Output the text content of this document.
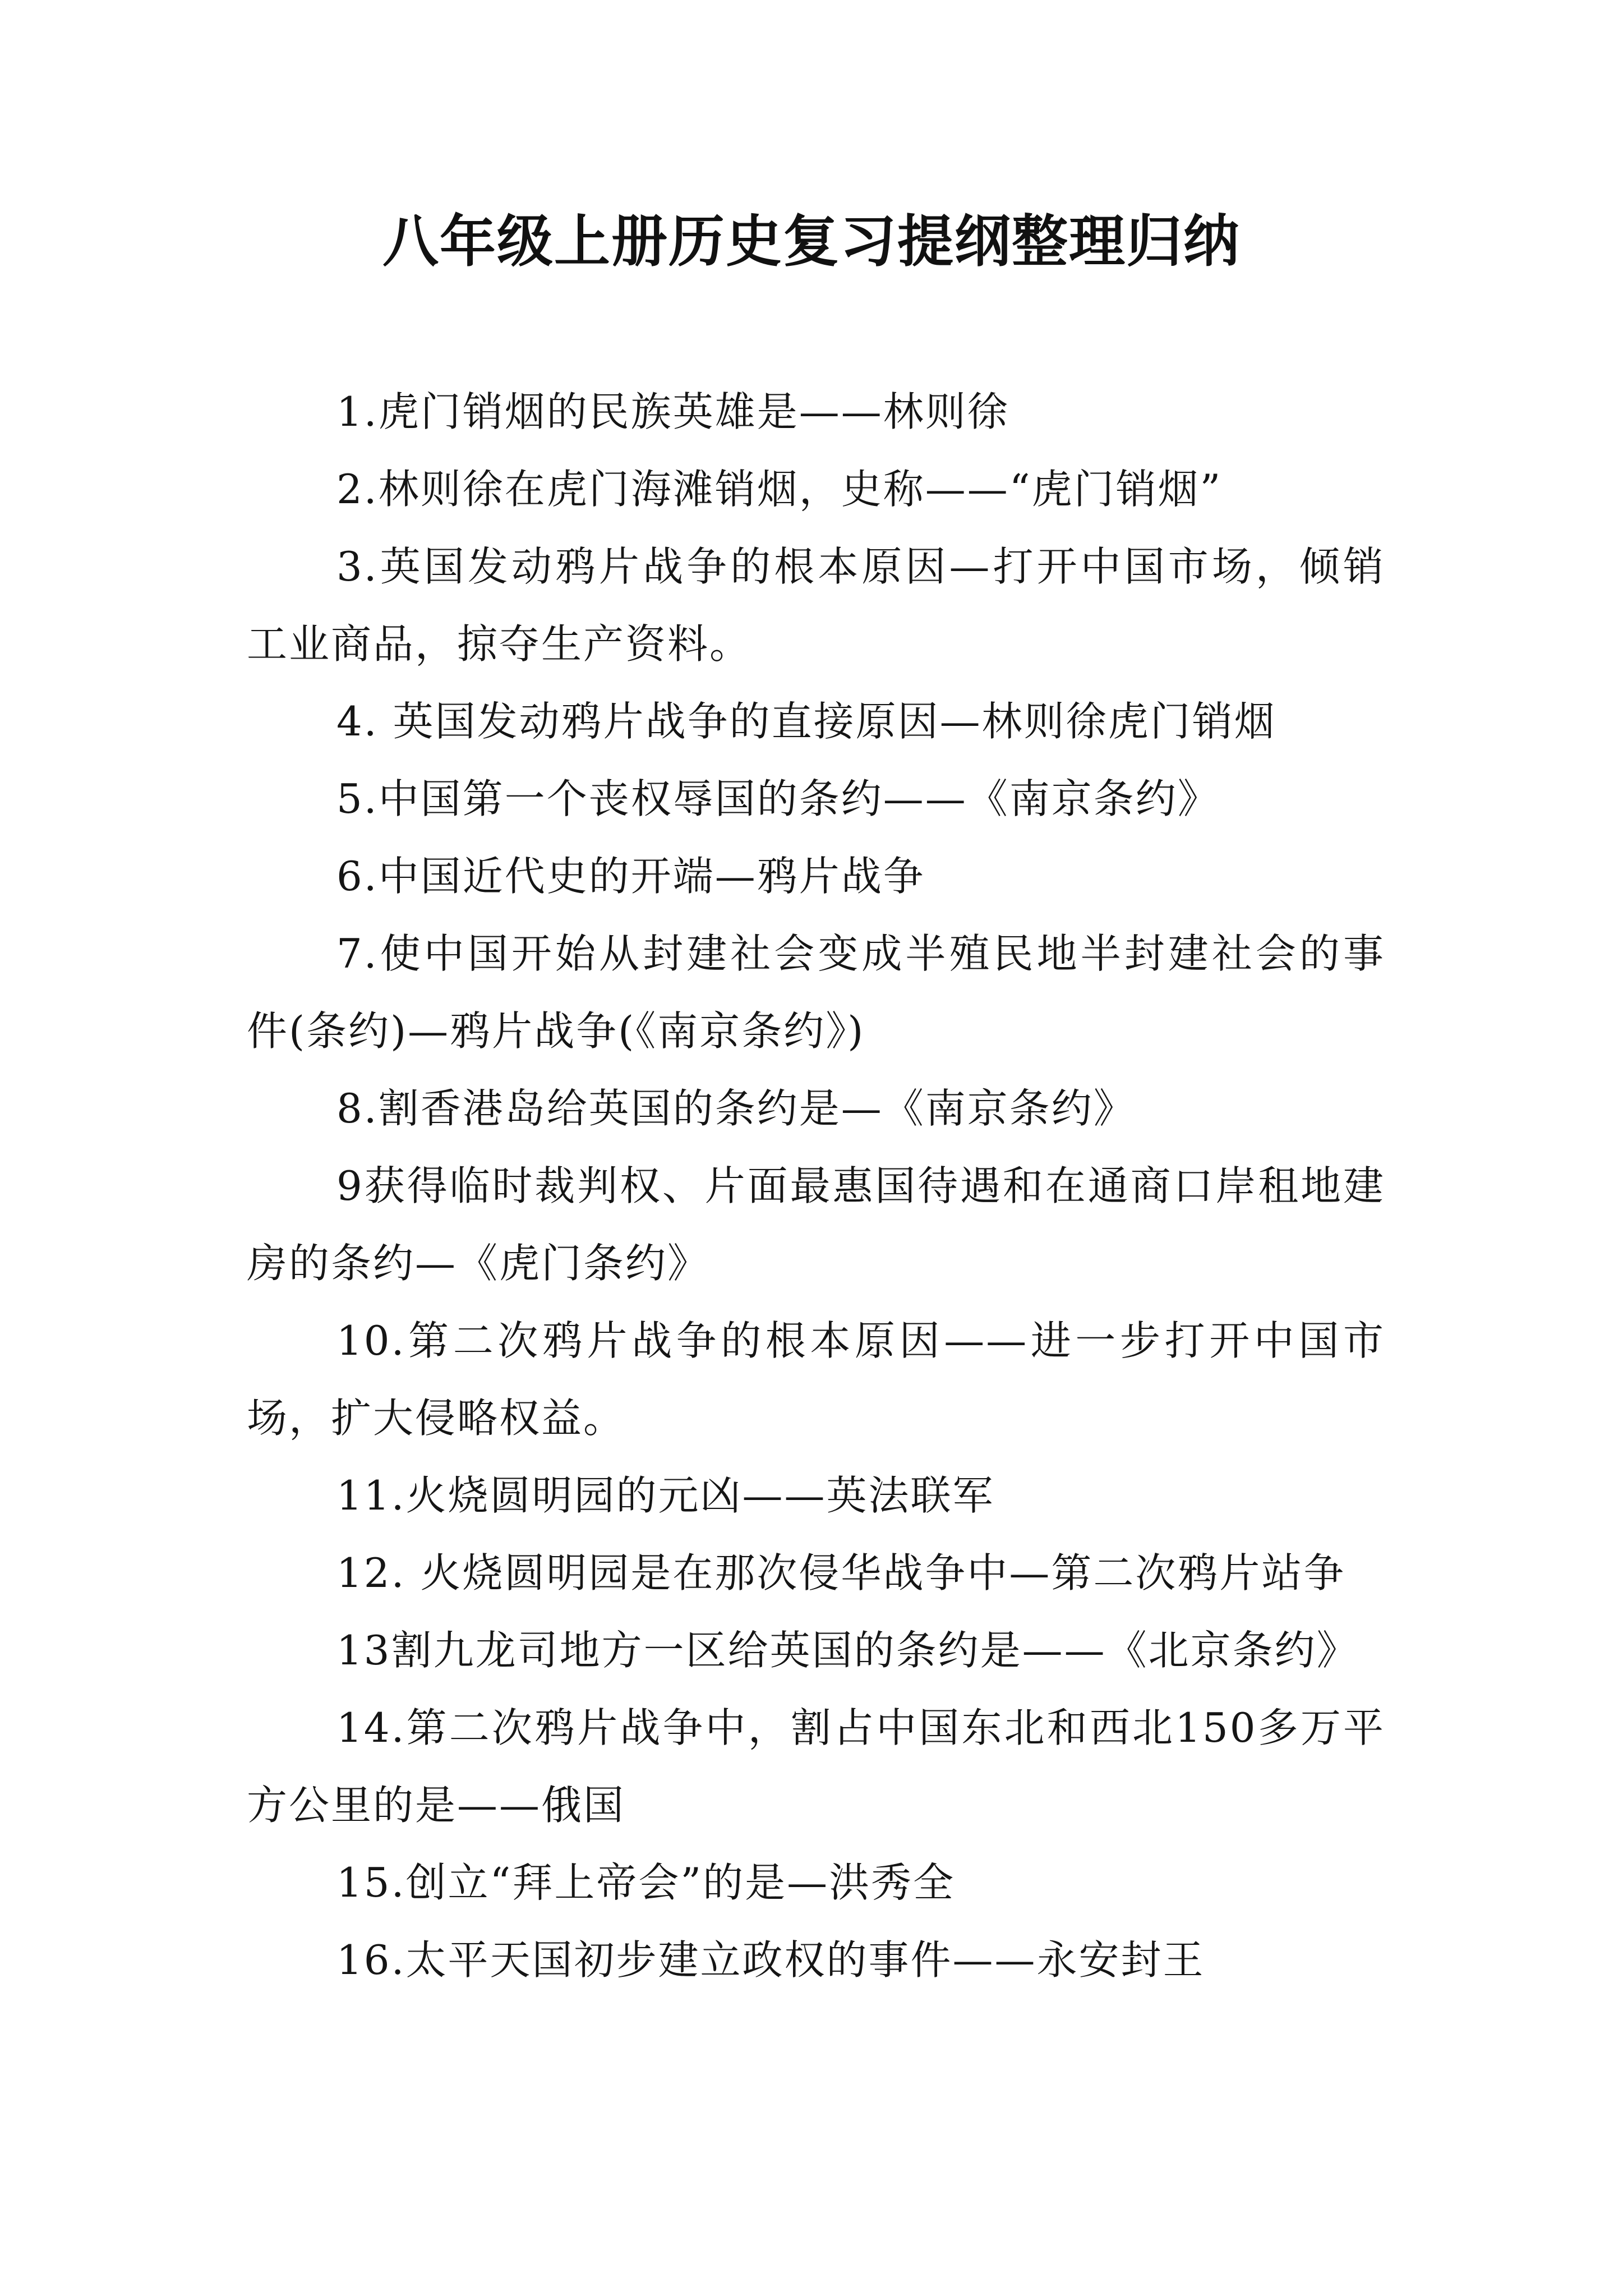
八年级上册历史复习提纲整理归纳

1.虎门销烟的民族英雄是——林则徐

2.林则徐在虎门海滩销烟，史称——“虎门销烟”

3.英国发动鸦片战争的根本原因—打开中国市场，倾销工业商品，掠夺生产资料。

4. 英国发动鸦片战争的直接原因—林则徐虎门销烟

5.中国第一个丧权辱国的条约——《南京条约》

6.中国近代史的开端—鸦片战争

7.使中国开始从封建社会变成半殖民地半封建社会的事件(条约)—鸦片战争(《南京条约》)

8.割香港岛给英国的条约是—《南京条约》

9获得临时裁判权、片面最惠国待遇和在通商口岸租地建房的条约—《虎门条约》

10.第二次鸦片战争的根本原因——进一步打开中国市场，扩大侵略权益。

11.火烧圆明园的元凶——英法联军

12. 火烧圆明园是在那次侵华战争中—第二次鸦片站争

13割九龙司地方一区给英国的条约是——《北京条约》

14.第二次鸦片战争中，割占中国东北和西北150多万平方公里的是——俄国

15.创立“拜上帝会”的是—洪秀全

16.太平天国初步建立政权的事件——永安封王
